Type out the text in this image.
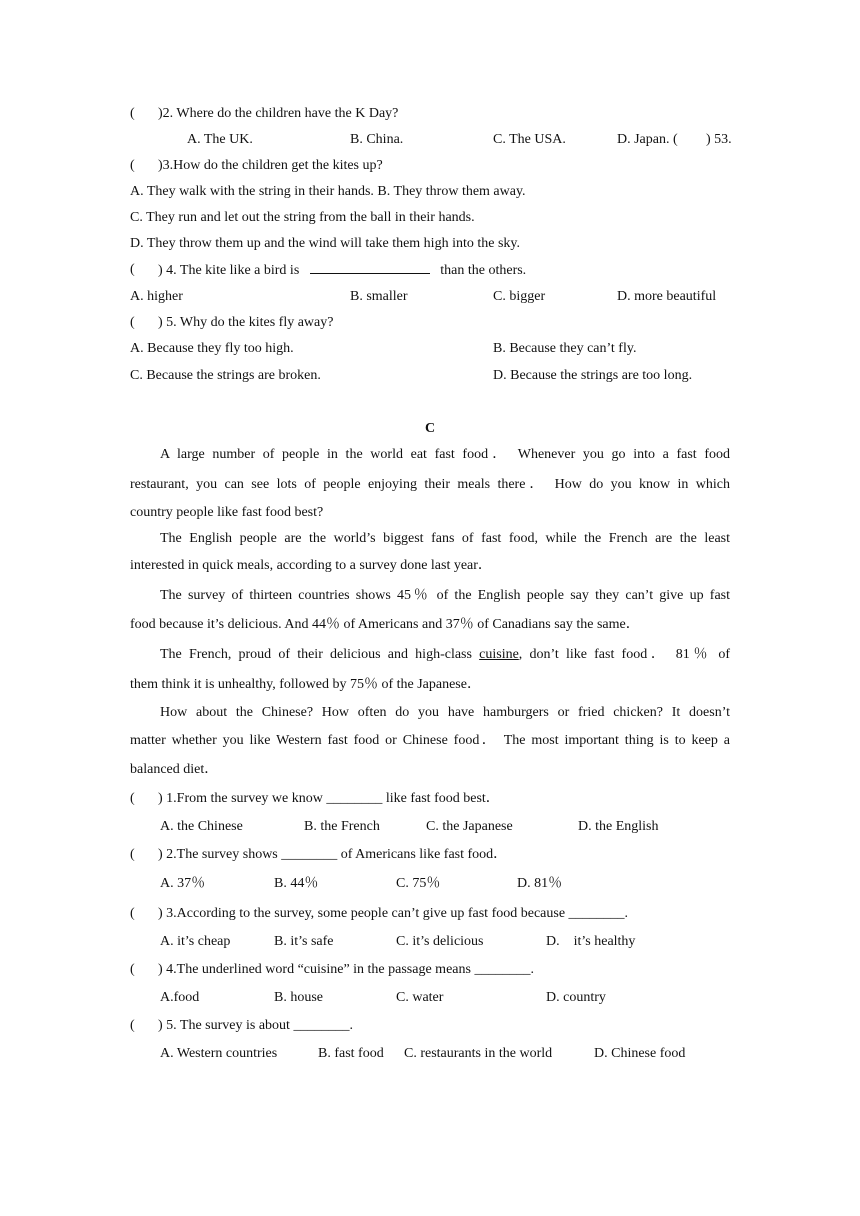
( )2. Where do the children have the K Day?
A. The UK.	B. China.	C. The USA.	D. Japan. ( ) 53.
( )3.How do the children get the kites up?
A. They walk with the string in their hands. B. They throw them away.
C. They run and let out the string from the ball in their hands.
D. They throw them up and the wind will take them high into the sky.
( ) 4. The kite like a bird is	than the others.
A. higher	B. smaller	C. bigger	D. more beautiful
( ) 5. Why do the kites fly away?
A. Because they fly too high.	B. Because they can’t fly.
C. Because the strings are broken.	D. Because the strings are too long.
C
A large number of people in the world eat fast food． Whenever you go into a fast food
restaurant, you can see lots of people enjoying their meals there． How do you know in which
country people like fast food best?
The English people are the world’s biggest fans of fast food, while the French are the least
interested in quick meals, according to a survey done last year．
The survey of thirteen countries shows 45％ of the English people say they can’t give up fast
food because it’s delicious. And 44％ of Americans and 37％ of Canadians say the same．
The French, proud of their delicious and high-class cuisine, don’t like fast food． 81％ of
them think it is unhealthy, followed by 75％ of the Japanese．
How about the Chinese? How often do you have hamburgers or fried chicken? It doesn’t
matter whether you like Western fast food or Chinese food． The most important thing is to keep a
balanced diet．
( ) 1.From the survey we know ________ like fast food best．
A. the Chinese	B. the French	C. the Japanese	D. the English
( ) 2.The survey shows ________ of Americans like fast food．
A. 37％	B. 44％	C. 75％	D. 81％
( ) 3.According to the survey, some people can’t give up fast food because ________.
A. it’s cheap	B. it’s safe	C. it’s delicious	D.    it’s healthy
( ) 4.The underlined word “cuisine” in the passage means ________.
A.food	B. house	C. water	D. country
( ) 5. The survey is about ________.
A. Western countries	B. fast food C. restaurants in the world	D. Chinese food
